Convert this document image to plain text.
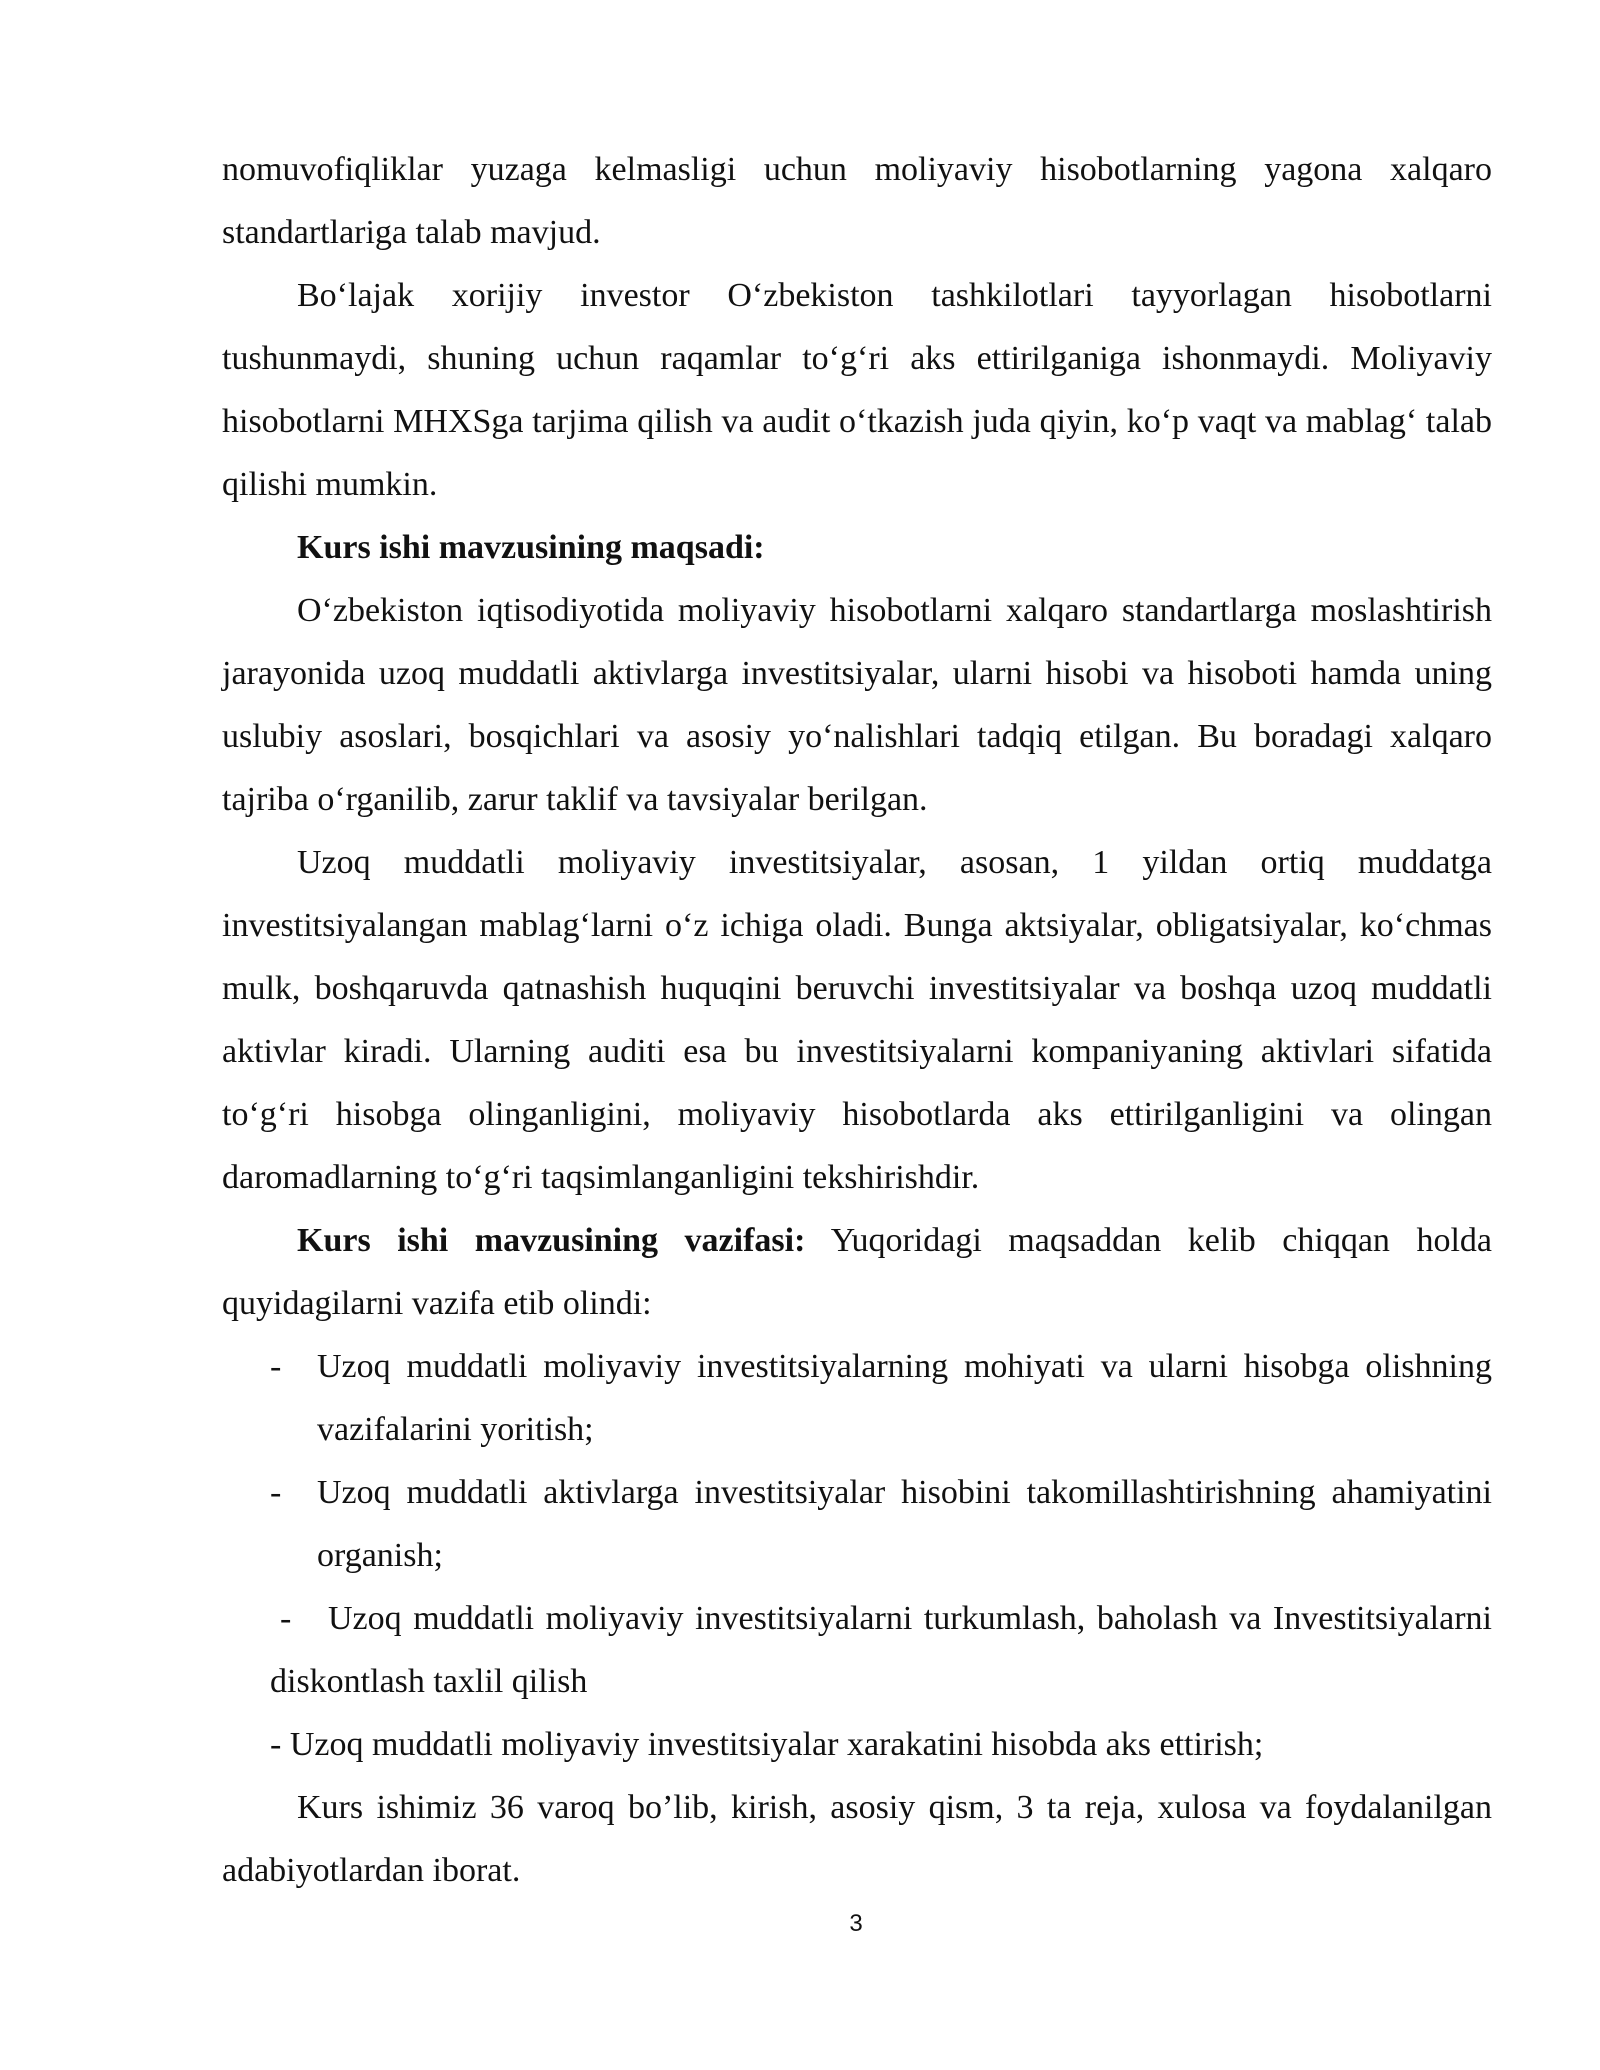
nomuvofiqliklar yuzaga kelmasligi uchun moliyaviy hisobotlarning yagona xalqaro standartlariga talab mavjud.

Bo‘lajak xorijiy investor O‘zbekiston tashkilotlari tayyorlagan hisobotlarni tushunmaydi, shuning uchun raqamlar to‘g‘ri aks ettirilganiga ishonmaydi. Moliyaviy hisobotlarni MHXSga tarjima qilish va audit o‘tkazish juda qiyin, ko‘p vaqt va mablag‘ talab qilishi mumkin.

Kurs ishi mavzusining maqsadi:

O‘zbekiston iqtisodiyotida moliyaviy hisobotlarni xalqaro standartlarga moslashtirish jarayonida uzoq muddatli aktivlarga investitsiyalar, ularni hisobi va hisoboti hamda uning uslubiy asoslari, bosqichlari va asosiy yo‘nalishlari tadqiq etilgan. Bu boradagi xalqaro tajriba o‘rganilib, zarur taklif va tavsiyalar berilgan.

Uzoq muddatli moliyaviy investitsiyalar, asosan, 1 yildan ortiq muddatga investitsiyalangan mablag‘larni o‘z ichiga oladi. Bunga aktsiyalar, obligatsiyalar, ko‘chmas mulk, boshqaruvda qatnashish huquqini beruvchi investitsiyalar va boshqa uzoq muddatli aktivlar kiradi. Ularning auditi esa bu investitsiyalarni kompaniyaning aktivlari sifatida to‘g‘ri hisobga olinganligini, moliyaviy hisobotlarda aks ettirilganligini va olingan daromadlarning to‘g‘ri taqsimlanganligini tekshirishdir.

Kurs ishi mavzusining vazifasi: Yuqoridagi maqsaddan kelib chiqqan holda quyidagilarni vazifa etib olindi:

- Uzoq muddatli moliyaviy investitsiyalarning mohiyati va ularni hisobga olishning vazifalarini yoritish;
- Uzoq muddatli aktivlarga investitsiyalar hisobini takomillashtirishning ahamiyatini organish;
- Uzoq muddatli moliyaviy investitsiyalarni turkumlash, baholash va Investitsiyalarni diskontlash taxlil qilish
- Uzoq muddatli moliyaviy investitsiyalar xarakatini hisobda aks ettirish;

Kurs ishimiz 36 varoq bo’lib, kirish, asosiy qism, 3 ta reja, xulosa va foydalanilgan adabiyotlardan iborat.

3
